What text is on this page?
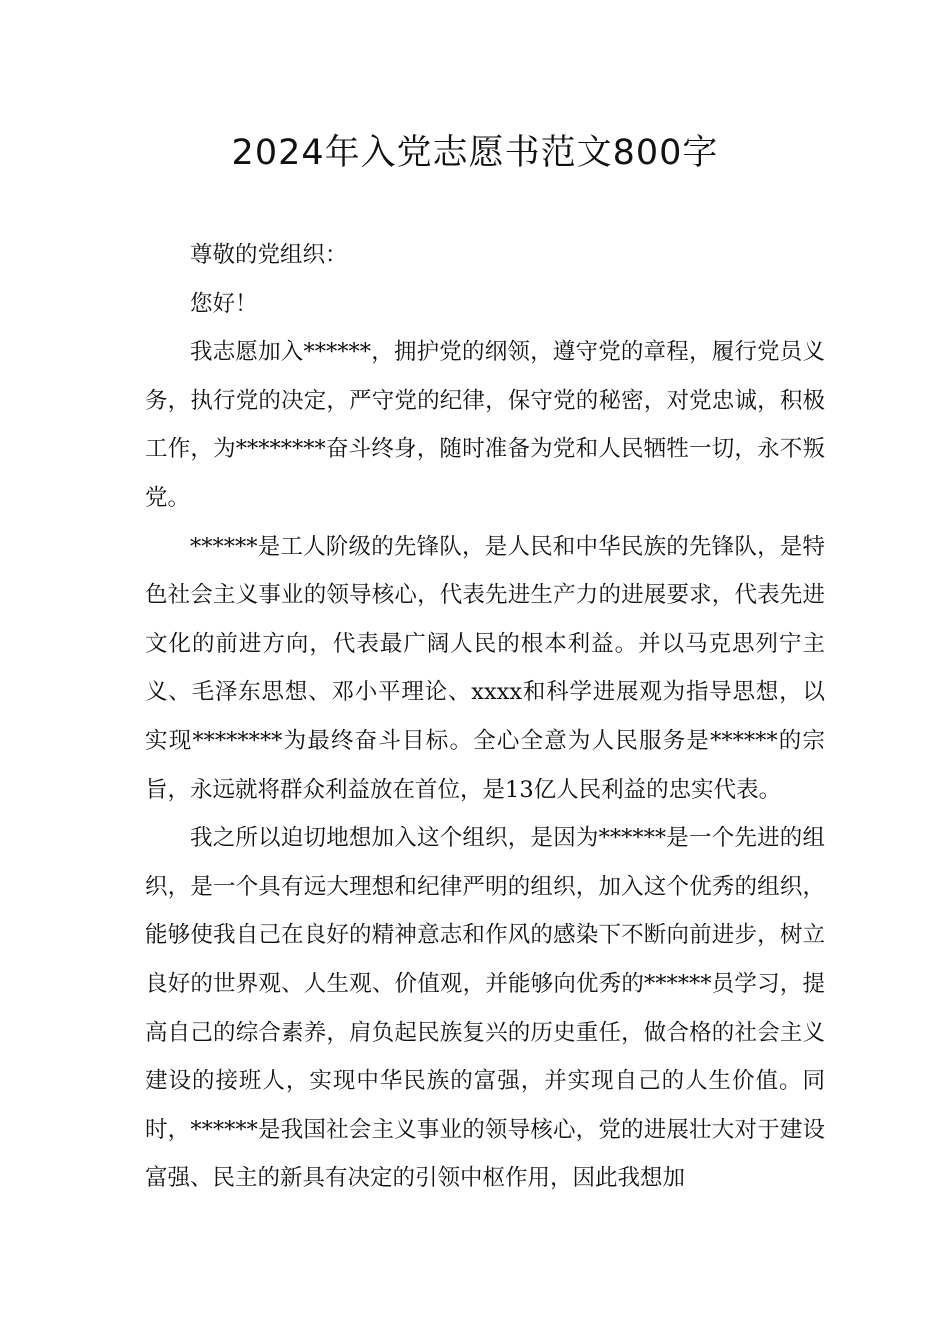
2024年入党志愿书范文800字

尊敬的党组织：

您好！

我志愿加入******，拥护党的纲领，遵守党的章程，履行党员义务，执行党的决定，严守党的纪律，保守党的秘密，对党忠诚，积极工作，为********奋斗终身，随时准备为党和人民牺牲一切，永不叛党。

******是工人阶级的先锋队，是人民和中华民族的先锋队，是特色社会主义事业的领导核心，代表先进生产力的进展要求，代表先进文化的前进方向，代表最广阔人民的根本利益。并以马克思列宁主义、毛泽东思想、邓小平理论、xxxx和科学进展观为指导思想，以实现********为最终奋斗目标。全心全意为人民服务是******的宗旨，永远就将群众利益放在首位，是13亿人民利益的忠实代表。

我之所以迫切地想加入这个组织，是因为******是一个先进的组织，是一个具有远大理想和纪律严明的组织，加入这个优秀的组织，能够使我自己在良好的精神意志和作风的感染下不断向前进步，树立良好的世界观、人生观、价值观，并能够向优秀的******员学习，提高自己的综合素养，肩负起民族复兴的历史重任，做合格的社会主义建设的接班人，实现中华民族的富强，并实现自己的人生价值。同时，******是我国社会主义事业的领导核心，党的进展壮大对于建设富强、民主的新具有决定的引领中枢作用，因此我想加
